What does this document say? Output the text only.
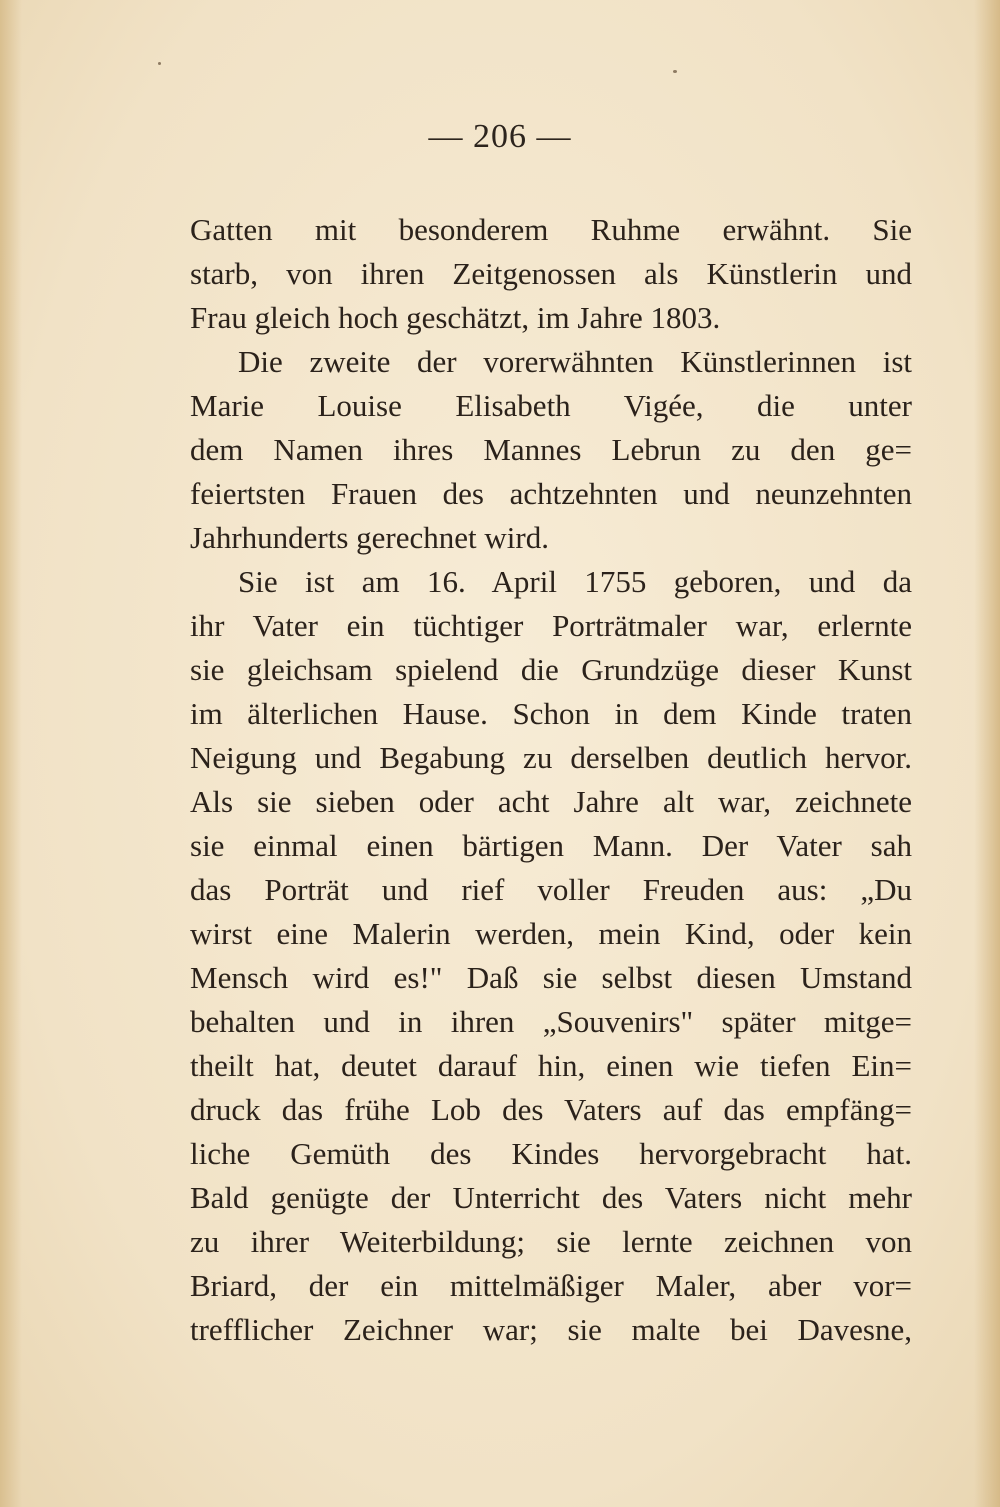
— 206 —
Gatten mit besonderem Ruhme erwähnt. Sie
starb, von ihren Zeitgenossen als Künstlerin und
Frau gleich hoch geschätzt, im Jahre 1803.
Die zweite der vorerwähnten Künstlerinnen ist
Marie Louise Elisabeth Vigée, die unter
dem Namen ihres Mannes Lebrun zu den ge=
feiertsten Frauen des achtzehnten und neunzehnten
Jahrhunderts gerechnet wird.
Sie ist am 16. April 1755 geboren, und da
ihr Vater ein tüchtiger Porträtmaler war, erlernte
sie gleichsam spielend die Grundzüge dieser Kunst
im älterlichen Hause. Schon in dem Kinde traten
Neigung und Begabung zu derselben deutlich hervor.
Als sie sieben oder acht Jahre alt war, zeichnete
sie einmal einen bärtigen Mann. Der Vater sah
das Porträt und rief voller Freuden aus: „Du
wirst eine Malerin werden, mein Kind, oder kein
Mensch wird es!" Daß sie selbst diesen Umstand
behalten und in ihren „Souvenirs" später mitge=
theilt hat, deutet darauf hin, einen wie tiefen Ein=
druck das frühe Lob des Vaters auf das empfäng=
liche Gemüth des Kindes hervorgebracht hat.
Bald genügte der Unterricht des Vaters nicht mehr
zu ihrer Weiterbildung; sie lernte zeichnen von
Briard, der ein mittelmäßiger Maler, aber vor=
trefflicher Zeichner war; sie malte bei Davesne,
